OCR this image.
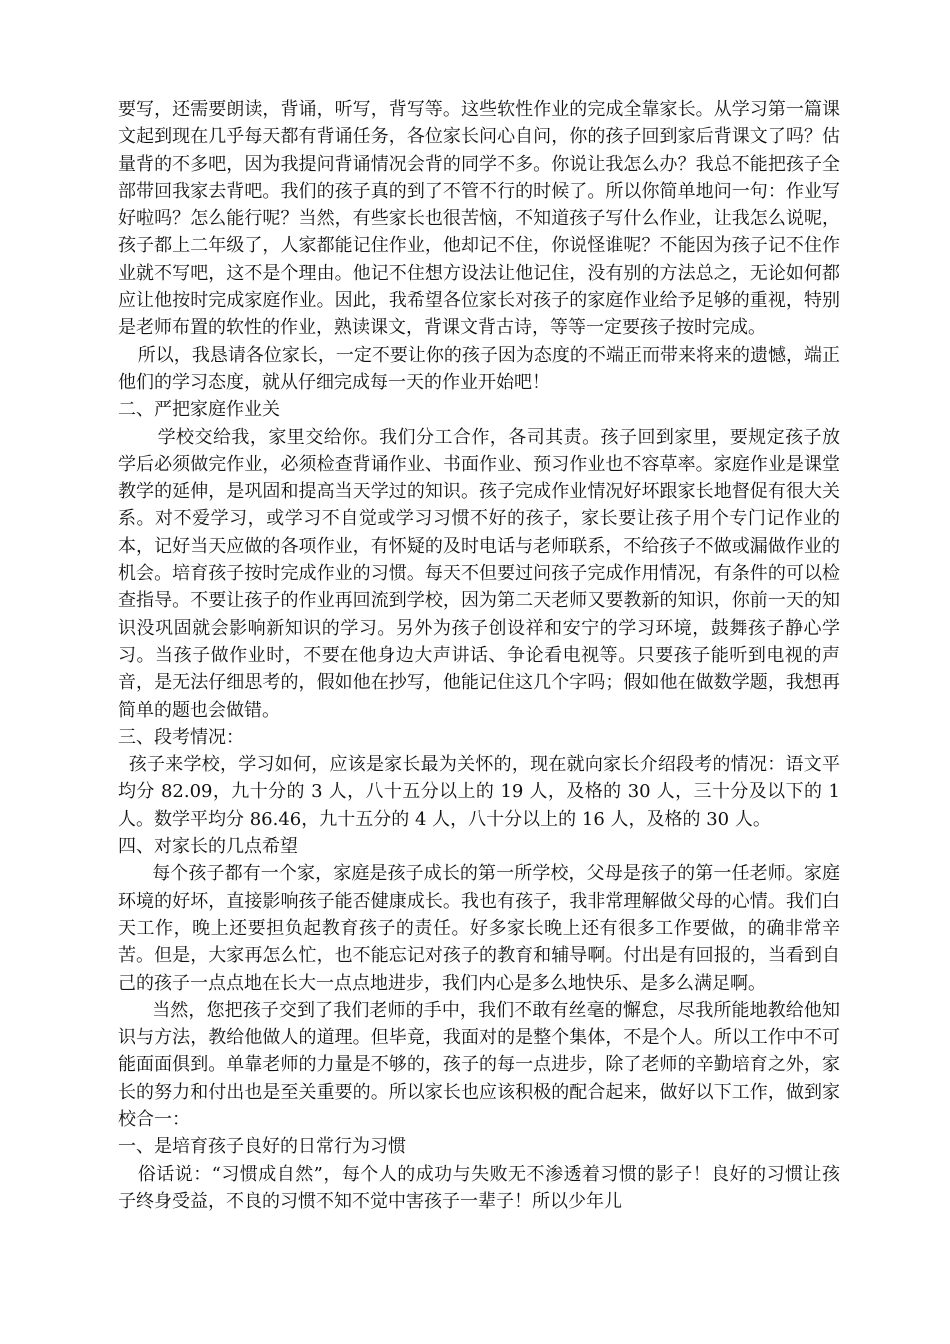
要写，还需要朗读，背诵，听写，背写等。这些软性作业的完成全靠家长。从学习第一篇课文起到现在几乎每天都有背诵任务，各位家长问心自问，你的孩子回到家后背课文了吗？估量背的不多吧，因为我提问背诵情况会背的同学不多。你说让我怎么办？我总不能把孩子全部带回我家去背吧。我们的孩子真的到了不管不行的时候了。所以你简单地问一句：作业写好啦吗？怎么能行呢？当然，有些家长也很苦恼，不知道孩子写什么作业，让我怎么说呢，孩子都上二年级了，人家都能记住作业，他却记不住，你说怪谁呢？不能因为孩子记不住作业就不写吧，这不是个理由。他记不住想方设法让他记住，没有别的方法总之，无论如何都应让他按时完成家庭作业。因此，我希望各位家长对孩子的家庭作业给予足够的重视，特别是老师布置的软性的作业，熟读课文，背课文背古诗，等等一定要孩子按时完成。

所以，我恳请各位家长，一定不要让你的孩子因为态度的不端正而带来将来的遗憾，端正他们的学习态度，就从仔细完成每一天的作业开始吧！

二、严把家庭作业关

学校交给我，家里交给你。我们分工合作，各司其责。孩子回到家里，要规定孩子放学后必须做完作业，必须检查背诵作业、书面作业、预习作业也不容草率。家庭作业是课堂教学的延伸，是巩固和提高当天学过的知识。孩子完成作业情况好坏跟家长地督促有很大关系。对不爱学习，或学习不自觉或学习习惯不好的孩子，家长要让孩子用个专门记作业的本，记好当天应做的各项作业，有怀疑的及时电话与老师联系，不给孩子不做或漏做作业的机会。培育孩子按时完成作业的习惯。每天不但要过问孩子完成作用情况，有条件的可以检查指导。不要让孩子的作业再回流到学校，因为第二天老师又要教新的知识，你前一天的知识没巩固就会影响新知识的学习。另外为孩子创设祥和安宁的学习环境，鼓舞孩子静心学习。当孩子做作业时，不要在他身边大声讲话、争论看电视等。只要孩子能听到电视的声音，是无法仔细思考的，假如他在抄写，他能记住这几个字吗；假如他在做数学题，我想再简单的题也会做错。

三、段考情况：

孩子来学校，学习如何，应该是家长最为关怀的，现在就向家长介绍段考的情况：语文平均分 82.09，九十分的 3 人，八十五分以上的 19 人，及格的 30 人，三十分及以下的 1 人。数学平均分 86.46，九十五分的 4 人，八十分以上的 16 人，及格的 30 人。

四、对家长的几点希望

每个孩子都有一个家，家庭是孩子成长的第一所学校，父母是孩子的第一任老师。家庭环境的好坏，直接影响孩子能否健康成长。我也有孩子，我非常理解做父母的心情。我们白天工作，晚上还要担负起教育孩子的责任。好多家长晚上还有很多工作要做，的确非常辛苦。但是，大家再怎么忙，也不能忘记对孩子的教育和辅导啊。付出是有回报的，当看到自己的孩子一点点地在长大一点点地进步，我们内心是多么地快乐、是多么满足啊。

当然，您把孩子交到了我们老师的手中，我们不敢有丝毫的懈怠，尽我所能地教给他知识与方法，教给他做人的道理。但毕竟，我面对的是整个集体，不是个人。所以工作中不可能面面俱到。单靠老师的力量是不够的，孩子的每一点进步，除了老师的辛勤培育之外，家长的努力和付出也是至关重要的。所以家长也应该积极的配合起来，做好以下工作，做到家校合一：

一、是培育孩子良好的日常行为习惯

俗话说：“习惯成自然”，每个人的成功与失败无不渗透着习惯的影子！良好的习惯让孩子终身受益，不良的习惯不知不觉中害孩子一辈子！所以少年儿
